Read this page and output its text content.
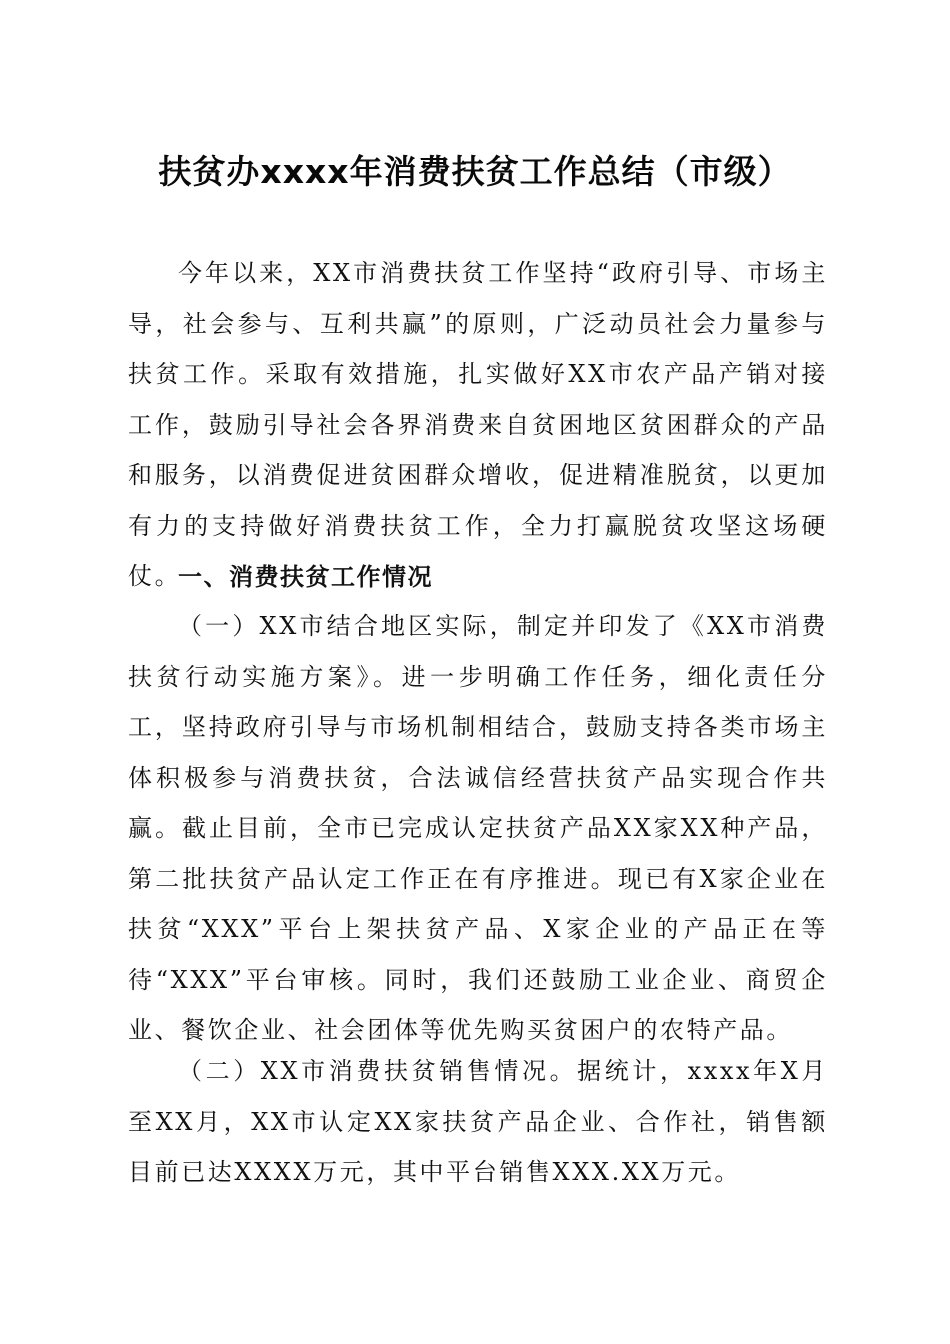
扶贫办xxxx年消费扶贫工作总结（市级）

今年以来，XX市消费扶贫工作坚持“政府引导、市场主导，社会参与、互利共赢”的原则，广泛动员社会力量参与扶贫工作。采取有效措施，扎实做好XX市农产品产销对接工作，鼓励引导社会各界消费来自贫困地区贫困群众的产品和服务，以消费促进贫困群众增收，促进精准脱贫，以更加有力的支持做好消费扶贫工作，全力打赢脱贫攻坚这场硬仗。

一、消费扶贫工作情况

（一）XX市结合地区实际，制定并印发了《XX市消费扶贫行动实施方案》。进一步明确工作任务，细化责任分工，坚持政府引导与市场机制相结合，鼓励支持各类市场主体积极参与消费扶贫，合法诚信经营扶贫产品实现合作共赢。截止目前，全市已完成认定扶贫产品XX家XX种产品，第二批扶贫产品认定工作正在有序推进。现已有X家企业在扶贫“XXX”平台上架扶贫产品、X家企业的产品正在等待“XXX”平台审核。同时，我们还鼓励工业企业、商贸企业、餐饮企业、社会团体等优先购买贫困户的农特产品。

（二）XX市消费扶贫销售情况。据统计，xxxx年X月至XX月，XX市认定XX家扶贫产品企业、合作社，销售额目前已达XXXX万元，其中平台销售XXX.XX万元。
